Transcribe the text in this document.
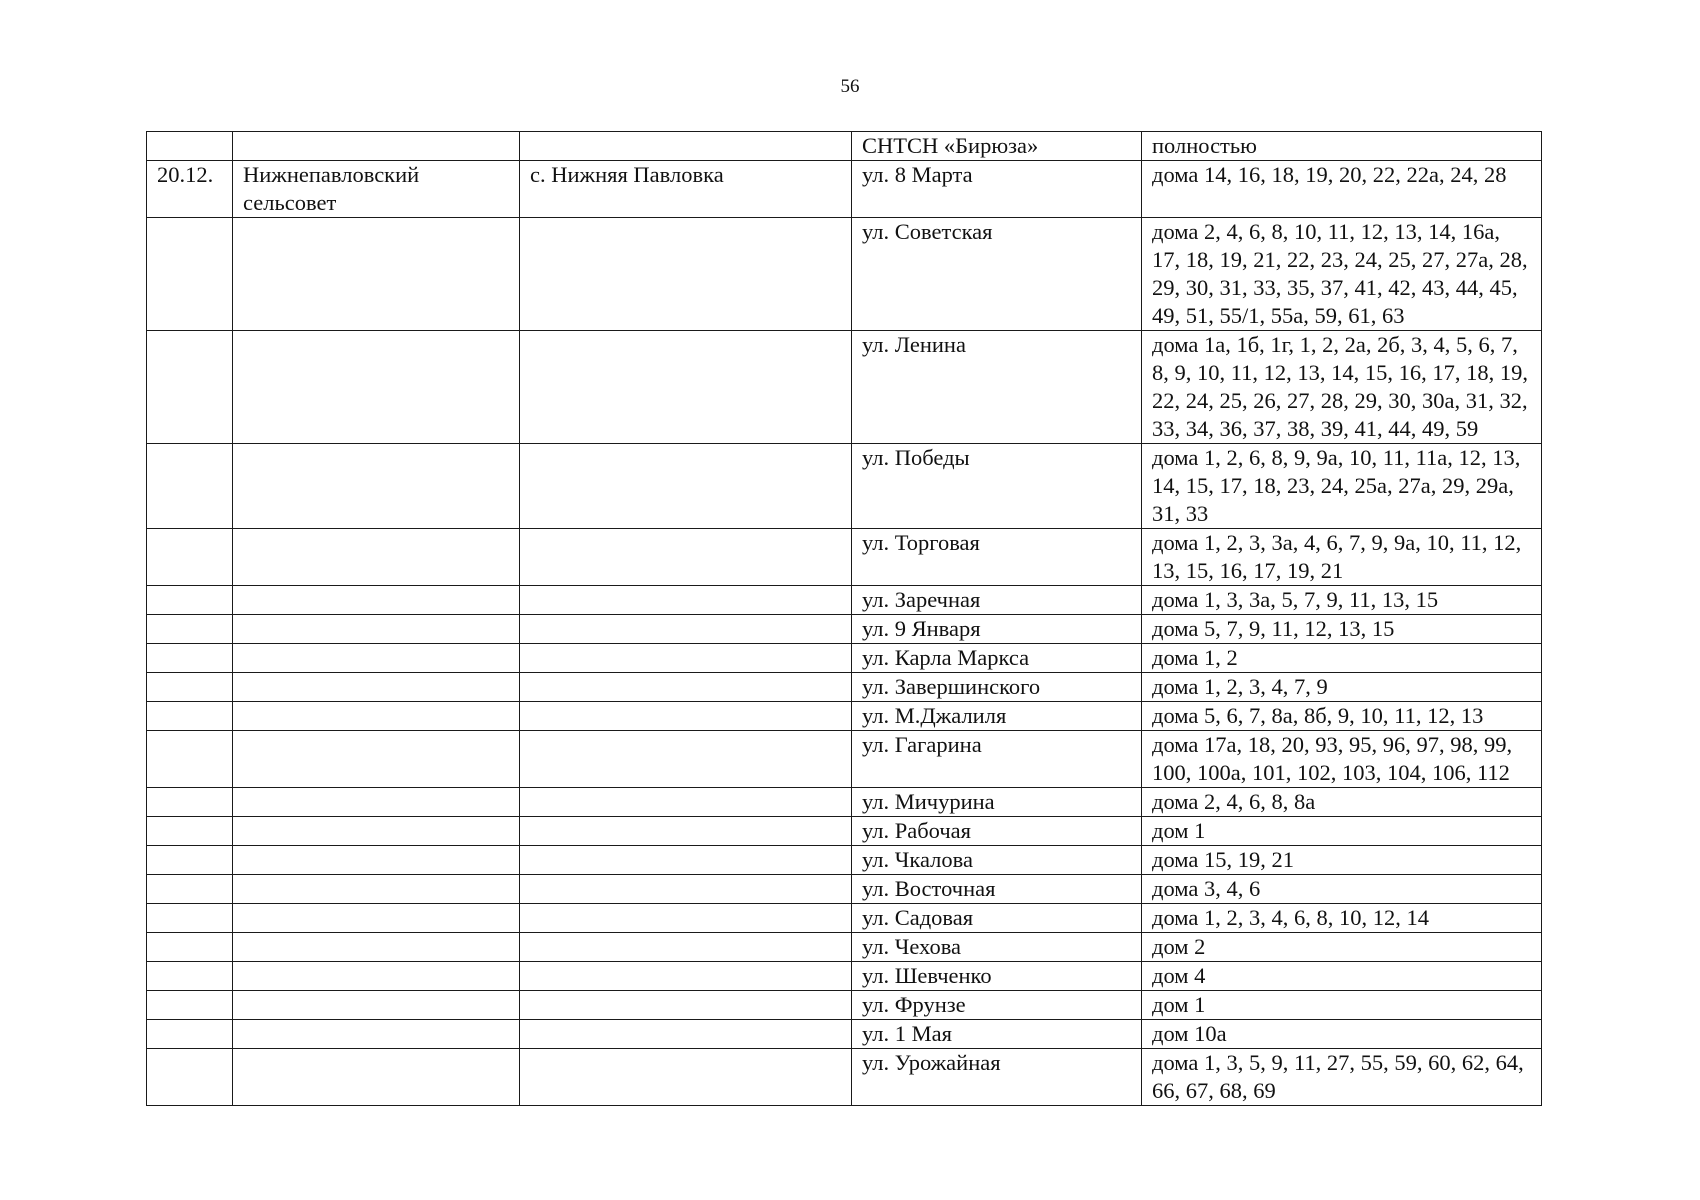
56
			СНТСН «Бирюза»	полностью
20.12.	Нижнепавловский сельсовет	с. Нижняя Павловка	ул. 8 Марта	дома 14, 16, 18, 19, 20, 22, 22а, 24, 28
			ул. Советская	дома 2, 4, 6, 8, 10, 11, 12, 13, 14, 16а, 17, 18, 19, 21, 22, 23, 24, 25, 27, 27а, 28, 29, 30, 31, 33, 35, 37, 41, 42, 43, 44, 45, 49, 51, 55/1, 55а, 59, 61, 63
			ул. Ленина	дома 1а, 1б, 1г, 1, 2, 2а, 2б, 3, 4, 5, 6, 7, 8, 9, 10, 11, 12, 13, 14, 15, 16, 17, 18, 19, 22, 24, 25, 26, 27, 28, 29, 30, 30а, 31, 32, 33, 34, 36, 37, 38, 39, 41, 44, 49, 59
			ул. Победы	дома 1, 2, 6, 8, 9, 9а, 10, 11, 11а, 12, 13, 14, 15, 17, 18, 23, 24, 25а, 27а, 29, 29а, 31, 33
			ул. Торговая	дома 1, 2, 3, 3а, 4, 6, 7, 9, 9а, 10, 11, 12, 13, 15, 16, 17, 19, 21
			ул. Заречная	дома 1, 3, 3а, 5, 7, 9, 11, 13, 15
			ул. 9 Января	дома 5, 7, 9, 11, 12, 13, 15
			ул. Карла Маркса	дома 1, 2
			ул. Завершинского	дома 1, 2, 3, 4, 7, 9
			ул. М.Джалиля	дома 5, 6, 7, 8а, 8б, 9, 10, 11, 12, 13
			ул. Гагарина	дома 17а, 18, 20, 93, 95, 96, 97, 98, 99, 100, 100а, 101, 102, 103, 104, 106, 112
			ул. Мичурина	дома 2, 4, 6, 8, 8а
			ул. Рабочая	дом 1
			ул. Чкалова	дома 15, 19, 21
			ул. Восточная	дома 3, 4, 6
			ул. Садовая	дома 1, 2, 3, 4, 6, 8, 10, 12, 14
			ул. Чехова	дом 2
			ул. Шевченко	дом 4
			ул. Фрунзе	дом 1
			ул. 1 Мая	дом 10а
			ул. Урожайная	дома 1, 3, 5, 9, 11, 27, 55, 59, 60, 62, 64, 66, 67, 68, 69
